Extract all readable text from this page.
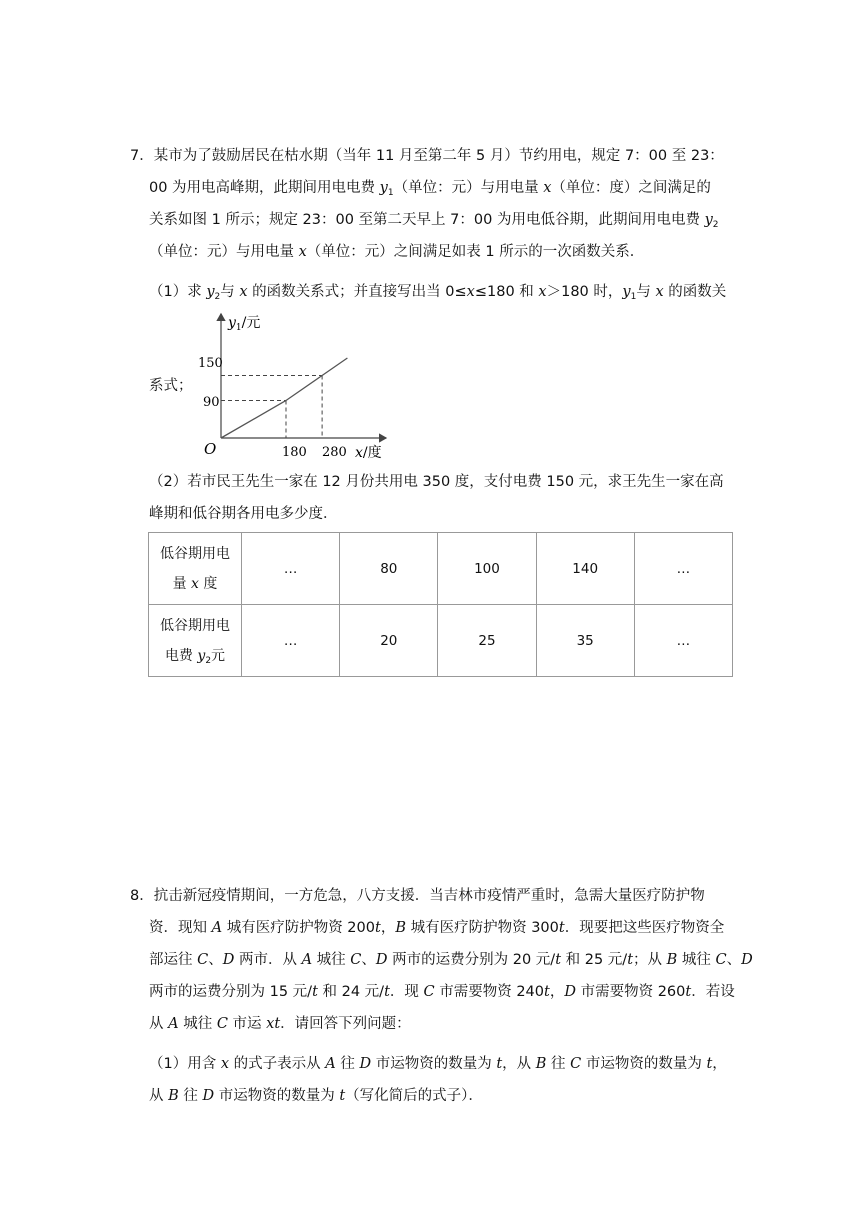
7．某市为了鼓励居民在枯水期（当年 11 月至第二年 5 月）节约用电，规定 7：00 至 23：
00 为用电高峰期，此期间用电电费 $y_1$（单位：元）与用电量 x（单位：度）之间满足的
关系如图 1 所示；规定 23：00 至第二天早上 7：00 为用电低谷期，此期间用电电费 $y_2$
（单位：元）与用电量 x（单位：元）之间满足如表 1 所示的一次函数关系．
（1）求 $y_2$与 x 的函数关系式；并直接写出当 0≤x≤180 和 x＞180 时，$y_1$与 x 的函数关
系式；
$y_1/$元
x/度
O
150
90
180 280
（2）若市民王先生一家在 12 月份共用电 350 度，支付电费 150 元，求王先生一家在高
峰期和低谷期各用电多少度．
低谷期用电
量 x 度	…	80	100	140	…
低谷期用电
电费 $y_2$元	…	20	25	35	…
8．抗击新冠疫情期间，一方危急，八方支援．当吉林市疫情严重时，急需大量医疗防护物
资．现知 A 城有医疗防护物资 200t，B 城有医疗防护物资 300t．现要把这些医疗物资全
部运往 C、D 两市．从 A 城往 C、D 两市的运费分别为 20 元/t 和 25 元/t；从 B 城往 C、D
两市的运费分别为 15 元/t 和 24 元/t．现 C 市需要物资 240t，D 市需要物资 260t．若设
从 A 城往 C 市运 xt．请回答下列问题：
（1）用含 x 的式子表示从 A 往 D 市运物资的数量为 t，从 B 往 C 市运物资的数量为 t，
从 B 往 D 市运物资的数量为 t（写化简后的式子）．
